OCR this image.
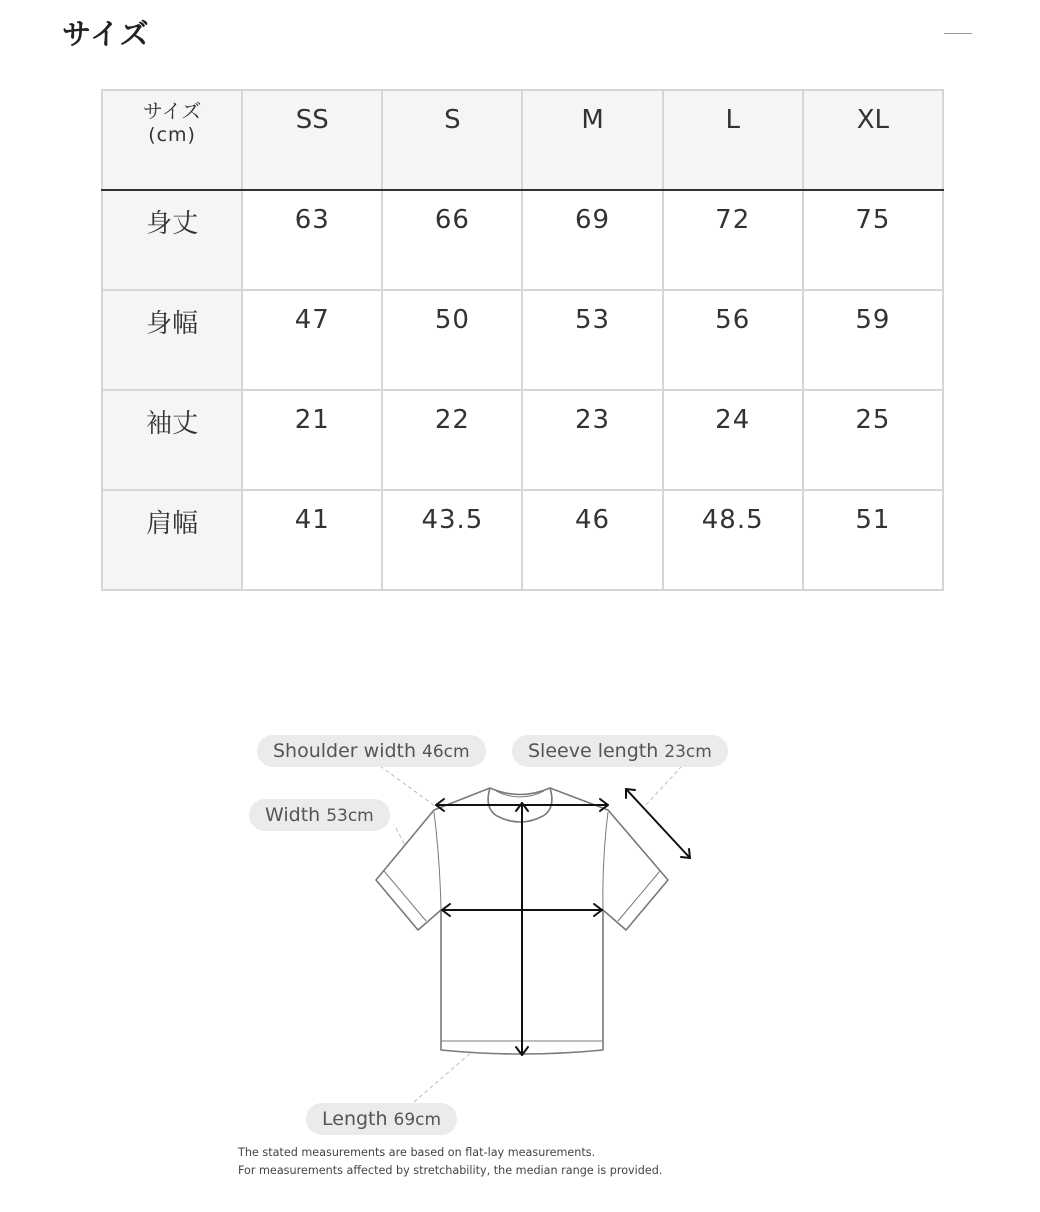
サイズ
サイズ
(cm)	SS	S	M	L	XL
身丈	63	66	69	72	75
身幅	47	50	53	56	59
袖丈	21	22	23	24	25
肩幅	41	43.5	46	48.5	51
Shoulder width 46cm	Sleeve length 23cm
Width 53cm
Length 69cm
The stated measurements are based on flat-lay measurements.
For measurements affected by stretchability, the median range is provided.
